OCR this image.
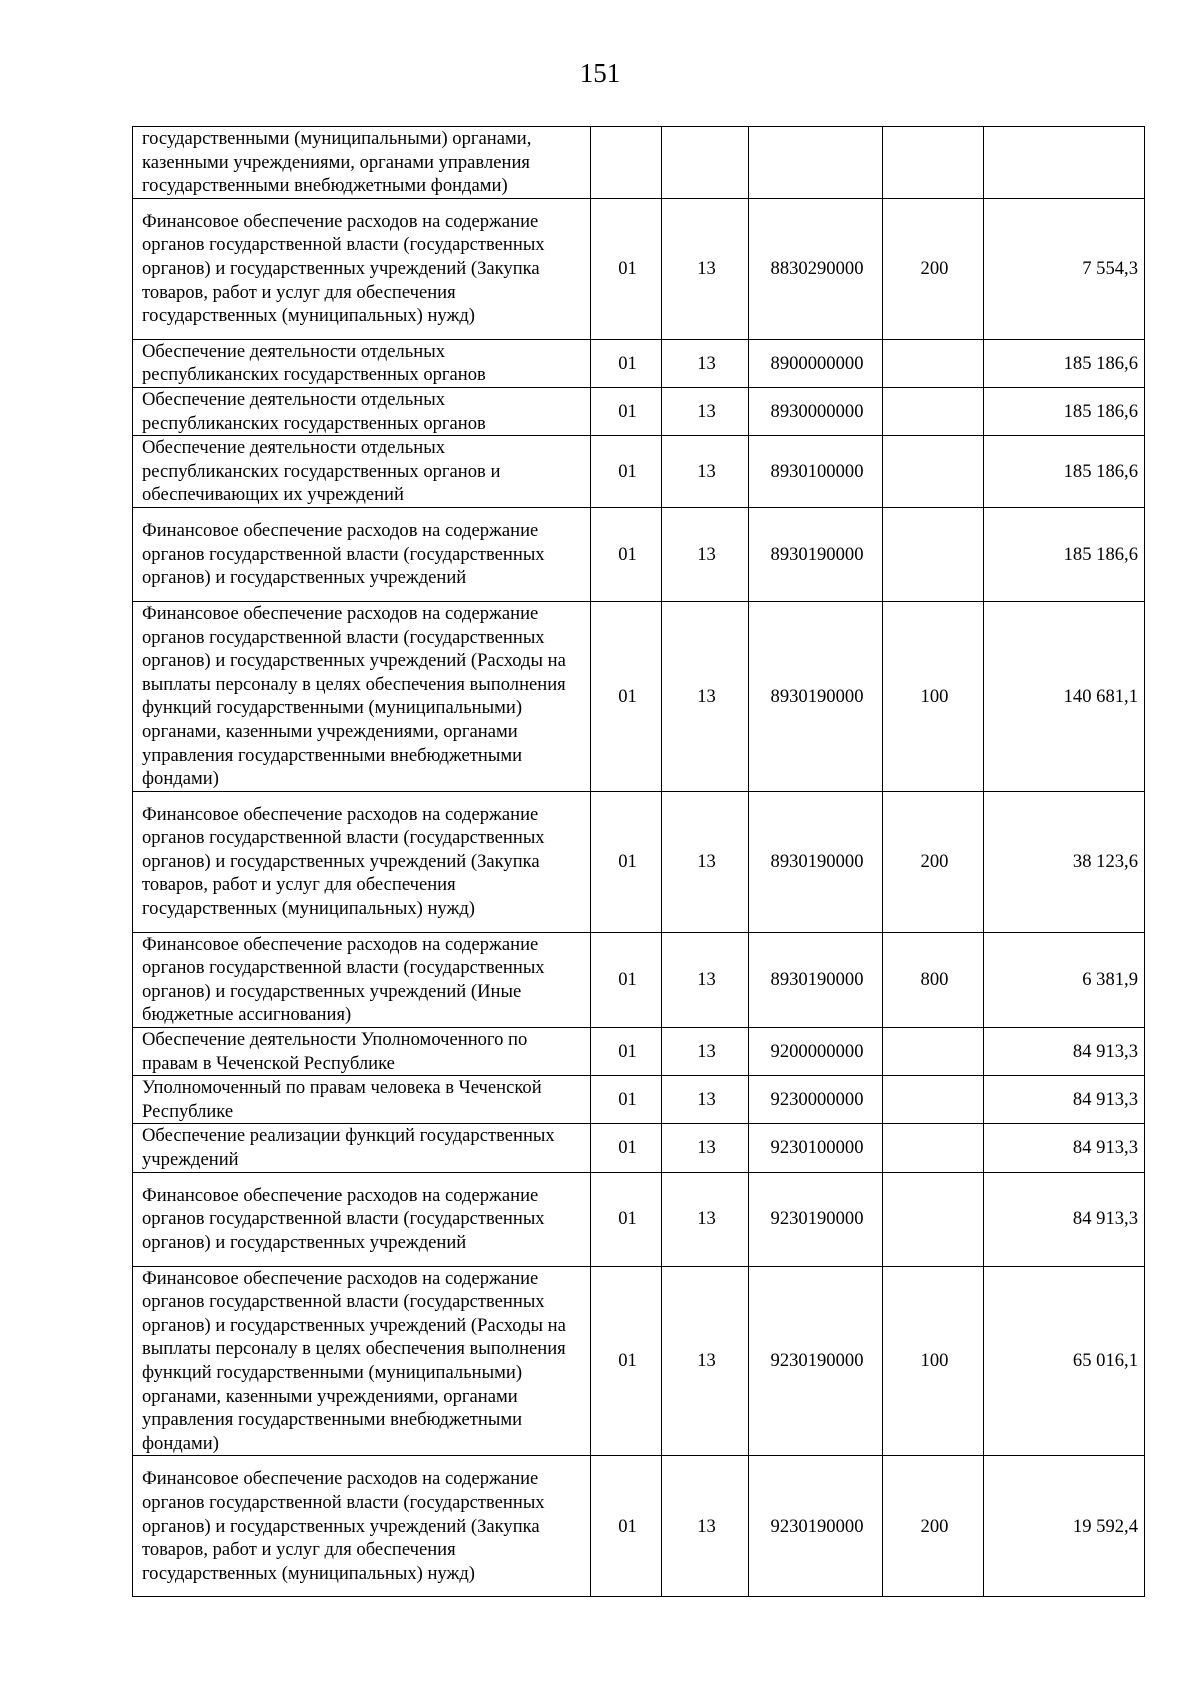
151
государственными (муниципальными) органами, казенными учреждениями, органами управления государственными внебюджетными фондами)					
Финансовое обеспечение расходов на содержание органов государственной власти (государственных органов) и государственных учреждений (Закупка товаров, работ и услуг для обеспечения государственных (муниципальных) нужд)	01	13	8830290000	200	7 554,3
Обеспечение деятельности отдельных республиканских государственных органов	01	13	8900000000		185 186,6
Обеспечение деятельности отдельных республиканских государственных органов	01	13	8930000000		185 186,6
Обеспечение деятельности отдельных республиканских государственных органов и обеспечивающих их учреждений	01	13	8930100000		185 186,6
Финансовое обеспечение расходов на содержание органов государственной власти (государственных органов) и государственных учреждений	01	13	8930190000		185 186,6
Финансовое обеспечение расходов на содержание органов государственной власти (государственных органов) и государственных учреждений (Расходы на выплаты персоналу в целях обеспечения выполнения функций государственными (муниципальными) органами, казенными учреждениями, органами управления государственными внебюджетными фондами)	01	13	8930190000	100	140 681,1
Финансовое обеспечение расходов на содержание органов государственной власти (государственных органов) и государственных учреждений (Закупка товаров, работ и услуг для обеспечения государственных (муниципальных) нужд)	01	13	8930190000	200	38 123,6
Финансовое обеспечение расходов на содержание органов государственной власти (государственных органов) и государственных учреждений (Иные бюджетные ассигнования)	01	13	8930190000	800	6 381,9
Обеспечение деятельности Уполномоченного по правам в Чеченской Республике	01	13	9200000000		84 913,3
Уполномоченный по правам человека в Чеченской Республике	01	13	9230000000		84 913,3
Обеспечение реализации функций государственных учреждений	01	13	9230100000		84 913,3
Финансовое обеспечение расходов на содержание органов государственной власти (государственных органов) и государственных учреждений	01	13	9230190000		84 913,3
Финансовое обеспечение расходов на содержание органов государственной власти (государственных органов) и государственных учреждений (Расходы на выплаты персоналу в целях обеспечения выполнения функций государственными (муниципальными) органами, казенными учреждениями, органами управления государственными внебюджетными фондами)	01	13	9230190000	100	65 016,1
Финансовое обеспечение расходов на содержание органов государственной власти (государственных органов) и государственных учреждений (Закупка товаров, работ и услуг для обеспечения государственных (муниципальных) нужд)	01	13	9230190000	200	19 592,4
